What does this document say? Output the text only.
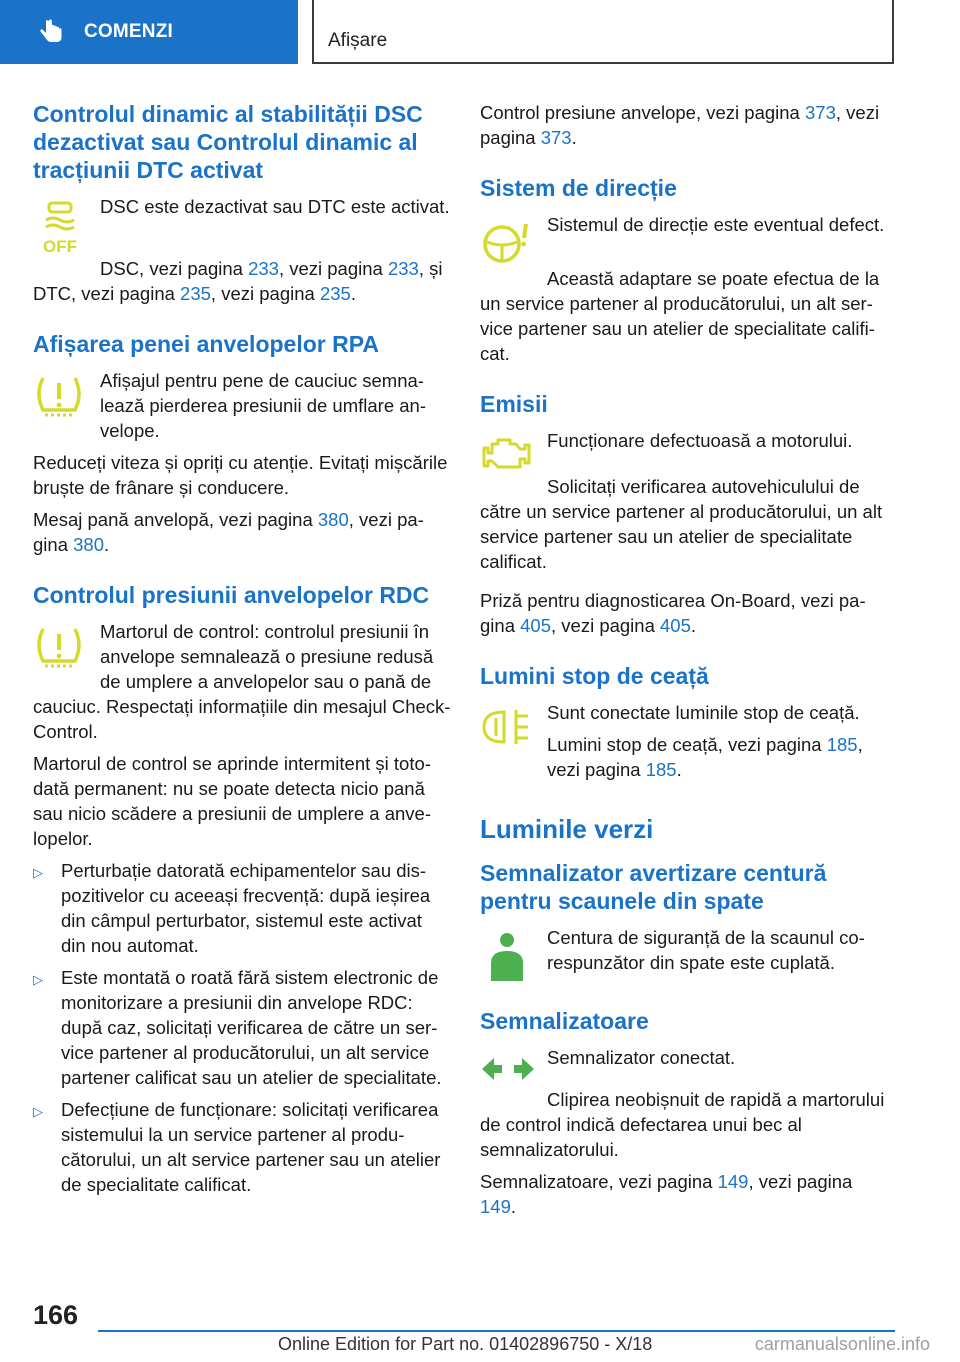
COMENZI	Afișare
Controlul dinamic al stabilității DSC dezactivat sau Controlul dinamic al tracțiunii DTC activat
OFF

DSC este dezactivat sau DTC este activat.

DSC, vezi pagina 233, vezi pagina 233, și DTC, vezi pagina 235, vezi pagina 235.

Afișarea penei anvelopelor RPA

Afișajul pentru pene de cauciuc semnalează pierderea presiunii de umflare anvelope.

Reduceți viteza și opriți cu atenție. Evitați mișcările bruște de frânare și conducere.

Mesaj pană anvelopă, vezi pagina 380, vezi pagina 380.

Controlul presiunii anvelopelor RDC

Martorul de control: controlul presiunii în anvelope semnalează o presiune redusă de umplere a anvelopelor sau o pană de cauciuc. Respectați informațiile din mesajul Check-Control.

Martorul de control se aprinde intermitent și totodată permanent: nu se poate detecta nicio pană sau nicio scădere a presiunii de umplere a anvelopelor.

▷ Perturbație datorată echipamentelor sau dispozitivelor cu aceeași frecvență: după ieșirea din câmpul perturbator, sistemul este activat din nou automat.
▷ Este montată o roată fără sistem electronic de monitorizare a presiunii din anvelope RDC: după caz, solicitați verificarea de către un service partener al producătorului, un alt service partener calificat sau un atelier de specialitate.
▷ Defecțiune de funcționare: solicitați verificarea sistemului la un service partener al producătorului, un alt service partener sau un atelier de specialitate calificat.

Control presiune anvelope, vezi pagina 373, vezi pagina 373.

Sistem de direcție

Sistemul de direcție este eventual defect.

Această adaptare se poate efectua de la un service partener al producătorului, un alt service partener sau un atelier de specialitate calificat.

Emisii

Funcționare defectuoasă a motorului.

Solicitați verificarea autovehiculului de către un service partener al producătorului, un alt service partener sau un atelier de specialitate calificat.

Priză pentru diagnosticarea On-Board, vezi pagina 405, vezi pagina 405.

Lumini stop de ceață

Sunt conectate luminile stop de ceață.

Lumini stop de ceață, vezi pagina 185, vezi pagina 185.

Luminile verzi
Semnalizator avertizare centură pentru scaunele din spate

Centura de siguranță de la scaunul corespunzător din spate este cuplată.

Semnalizatoare

Semnalizator conectat.

Clipirea neobișnuit de rapidă a martorului de control indică defectarea unui bec al semnalizatorului.

Semnalizatoare, vezi pagina 149, vezi pagina 149.

166
Online Edition for Part no. 01402896750 - X/18	carmanualsonline.info
